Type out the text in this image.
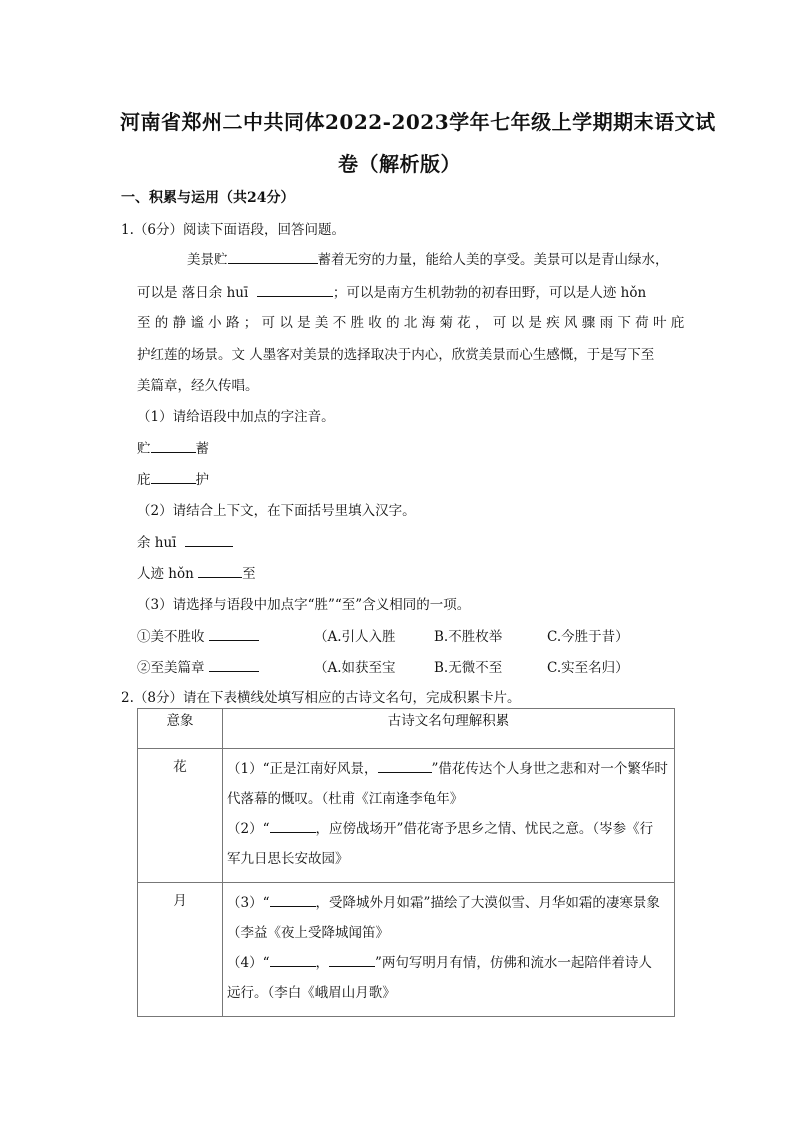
河南省郑州二中共同体2022-2023学年七年级上学期期末语文试
卷（解析版）
一、积累与运用（共24分）
1.（6分）阅读下面语段，回答问题。
美景贮	蓄着无穷的力量，能给人美的享受。美景可以是青山绿水，
可以是 落日余 huī	；可以是南方生机勃勃的初春田野，可以是人迹 hǒn
至 的 静 谧 小 路 ； 可 以 是 美 不 胜 收 的 北 海 菊 花 ， 可 以 是 疾 风 骤 雨 下 荷 叶 庇
护红莲的场景。文 人墨客对美景的选择取决于内心，欣赏美景而心生感慨，于是写下至
美篇章，经久传唱。
（1）请给语段中加点的字注音。
贮	蓄
庇	护
（2）请结合上下文，在下面括号里填入汉字。
余 huī
人迹 hǒn	至
（3）请选择与语段中加点字“胜”“至”含义相同的一项。
①美不胜收	（A.引人入胜	B.不胜枚举	C.今胜于昔）
②至美篇章	（A.如获至宝	B.无微不至	C.实至名归）
2.（8分）请在下表横线处填写相应的古诗文名句，完成积累卡片。
意象	古诗文名句理解积累
花	（1）“正是江南好风景， ”借花传达个人身世之悲和对一个繁华时
代落幕的慨叹。（杜甫《江南逢李龟年》
（2）“ ，应傍战场开”借花寄予思乡之情、忧民之意。（岑参《行
军九日思长安故园》

月	（3）“ ，受降城外月如霜”描绘了大漠似雪、月华如霜的凄寒景象
（李益《夜上受降城闻笛》
（4）“ ， ”两句写明月有情，仿佛和流水一起陪伴着诗人
远行。（李白《峨眉山月歌》
